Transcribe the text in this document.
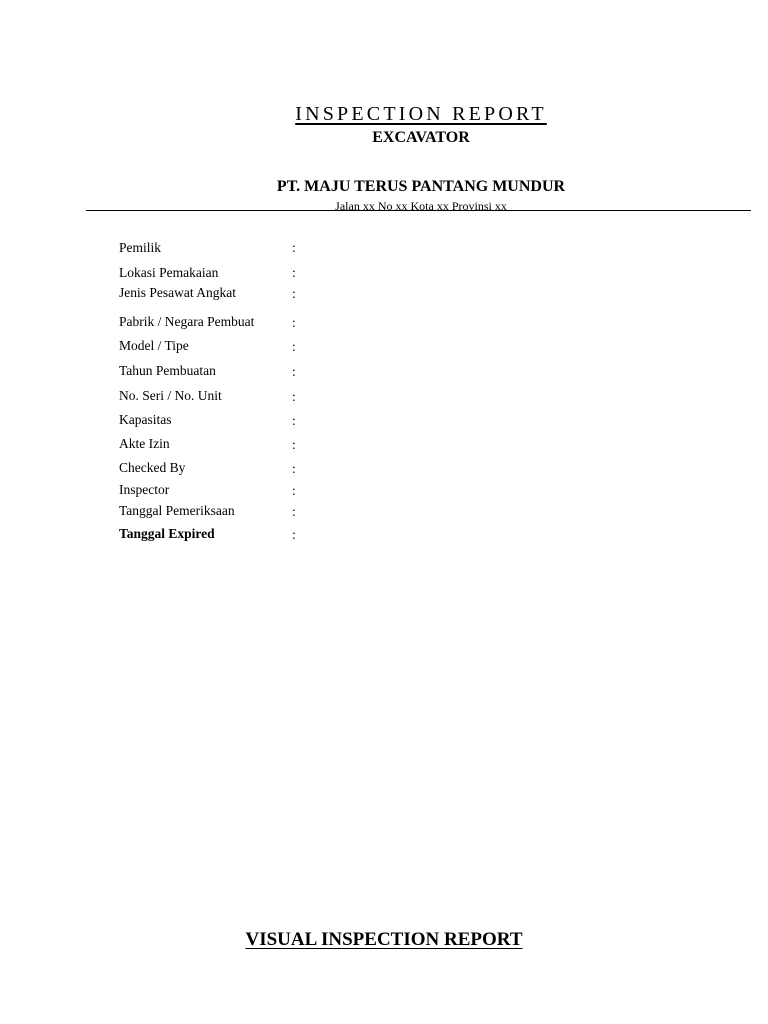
INSPECTION REPORT
EXCAVATOR
PT. MAJU TERUS PANTANG MUNDUR
Jalan xx No xx Kota xx Provinsi xx
Pemilik	:
Lokasi Pemakaian	:
Jenis Pesawat Angkat	:
Pabrik / Negara Pembuat	:
Model / Tipe	:
Tahun Pembuatan	:
No. Seri / No. Unit	:
Kapasitas	:
Akte Izin	:
Checked By	:
Inspector	:
Tanggal Pemeriksaan	:
Tanggal Expired	:
VISUAL INSPECTION REPORT
